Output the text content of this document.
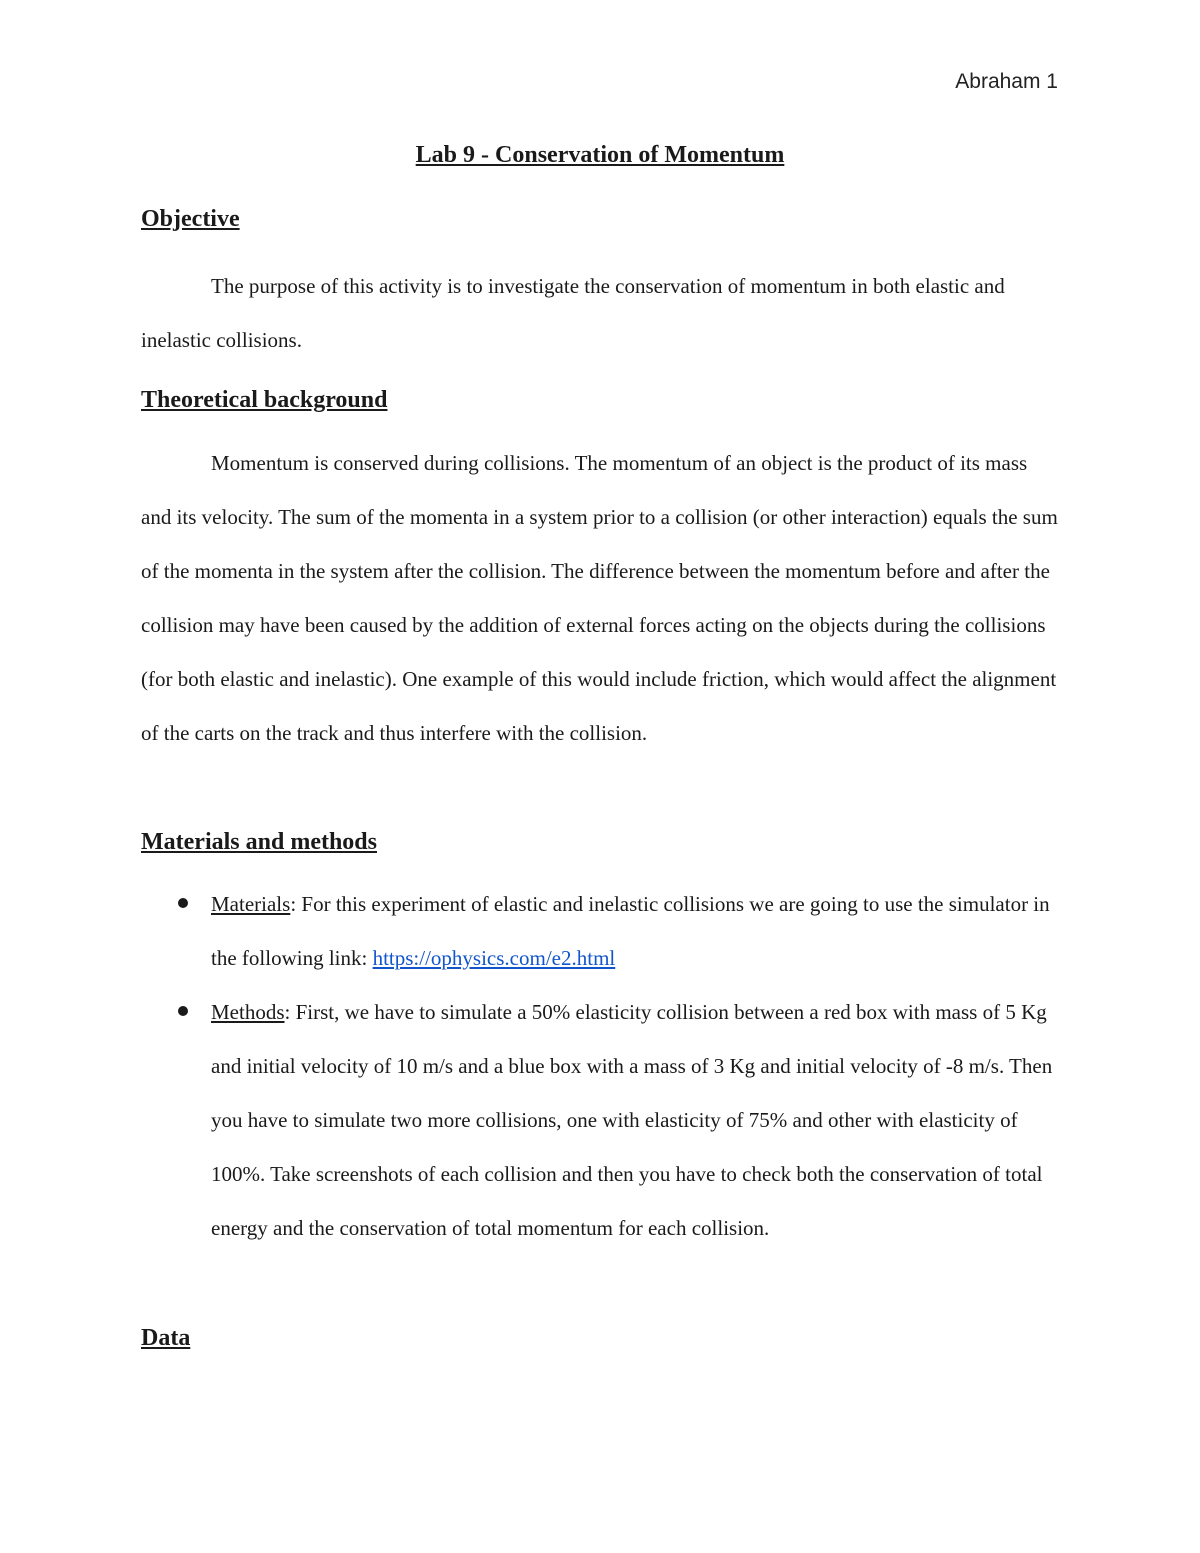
Abraham 1
Lab 9 - Conservation of Momentum
Objective

The purpose of this activity is to investigate the conservation of momentum in both elastic and inelastic collisions.

Theoretical background

Momentum is conserved during collisions. The momentum of an object is the product of its mass and its velocity. The sum of the momenta in a system prior to a collision (or other interaction) equals the sum of the momenta in the system after the collision. The difference between the momentum before and after the collision may have been caused by the addition of external forces acting on the objects during the collisions (for both elastic and inelastic). One example of this would include friction, which would affect the alignment of the carts on the track and thus interfere with the collision.

Materials and methods
Materials: For this experiment of elastic and inelastic collisions we are going to use the simulator in the following link: https://ophysics.com/e2.html
Methods: First, we have to simulate a 50% elasticity collision between a red box with mass of 5 Kg and initial velocity of 10 m/s and a blue box with a mass of 3 Kg and initial velocity of -8 m/s. Then you have to simulate two more collisions, one with elasticity of 75% and other with elasticity of 100%. Take screenshots of each collision and then you have to check both the conservation of total energy and the conservation of total momentum for each collision.
Data
